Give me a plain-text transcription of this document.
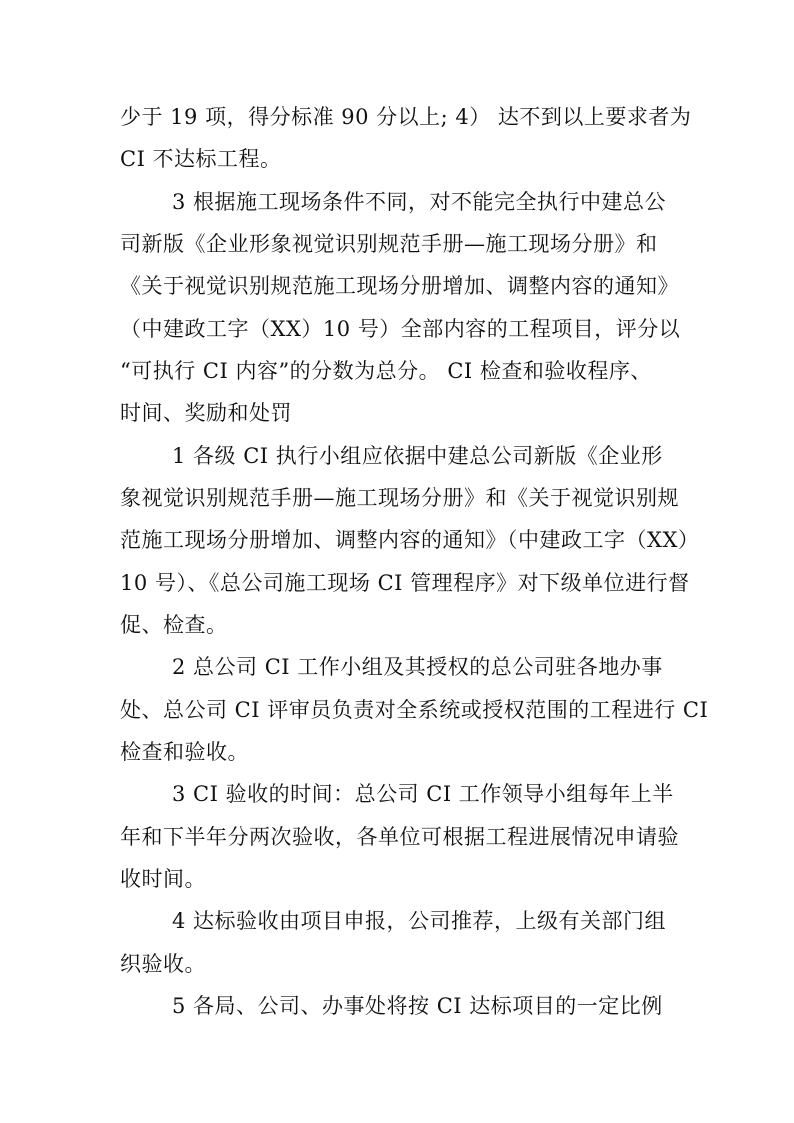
少于 19 项，得分标准 90 分以上; 4） 达不到以上要求者为
CI 不达标工程。
3 根据施工现场条件不同，对不能完全执行中建总公
司新版《企业形象视觉识别规范手册—施工现场分册》和
《关于视觉识别规范施工现场分册增加、调整内容的通知》
（中建政工字（XX）10 号）全部内容的工程项目，评分以
“可执行 CI 内容”的分数为总分。 CI 检查和验收程序、
时间、奖励和处罚
1 各级 CI 执行小组应依据中建总公司新版《企业形
象视觉识别规范手册—施工现场分册》和《关于视觉识别规
范施工现场分册增加、调整内容的通知》（中建政工字（XX）
10 号）、《总公司施工现场 CI 管理程序》对下级单位进行督
促、检查。
2 总公司 CI 工作小组及其授权的总公司驻各地办事
处、总公司 CI 评审员负责对全系统或授权范围的工程进行 CI
检查和验收。
3 CI 验收的时间：总公司 CI 工作领导小组每年上半
年和下半年分两次验收，各单位可根据工程进展情况申请验
收时间。
4 达标验收由项目申报，公司推荐，上级有关部门组
织验收。
5 各局、公司、办事处将按 CI 达标项目的一定比例
